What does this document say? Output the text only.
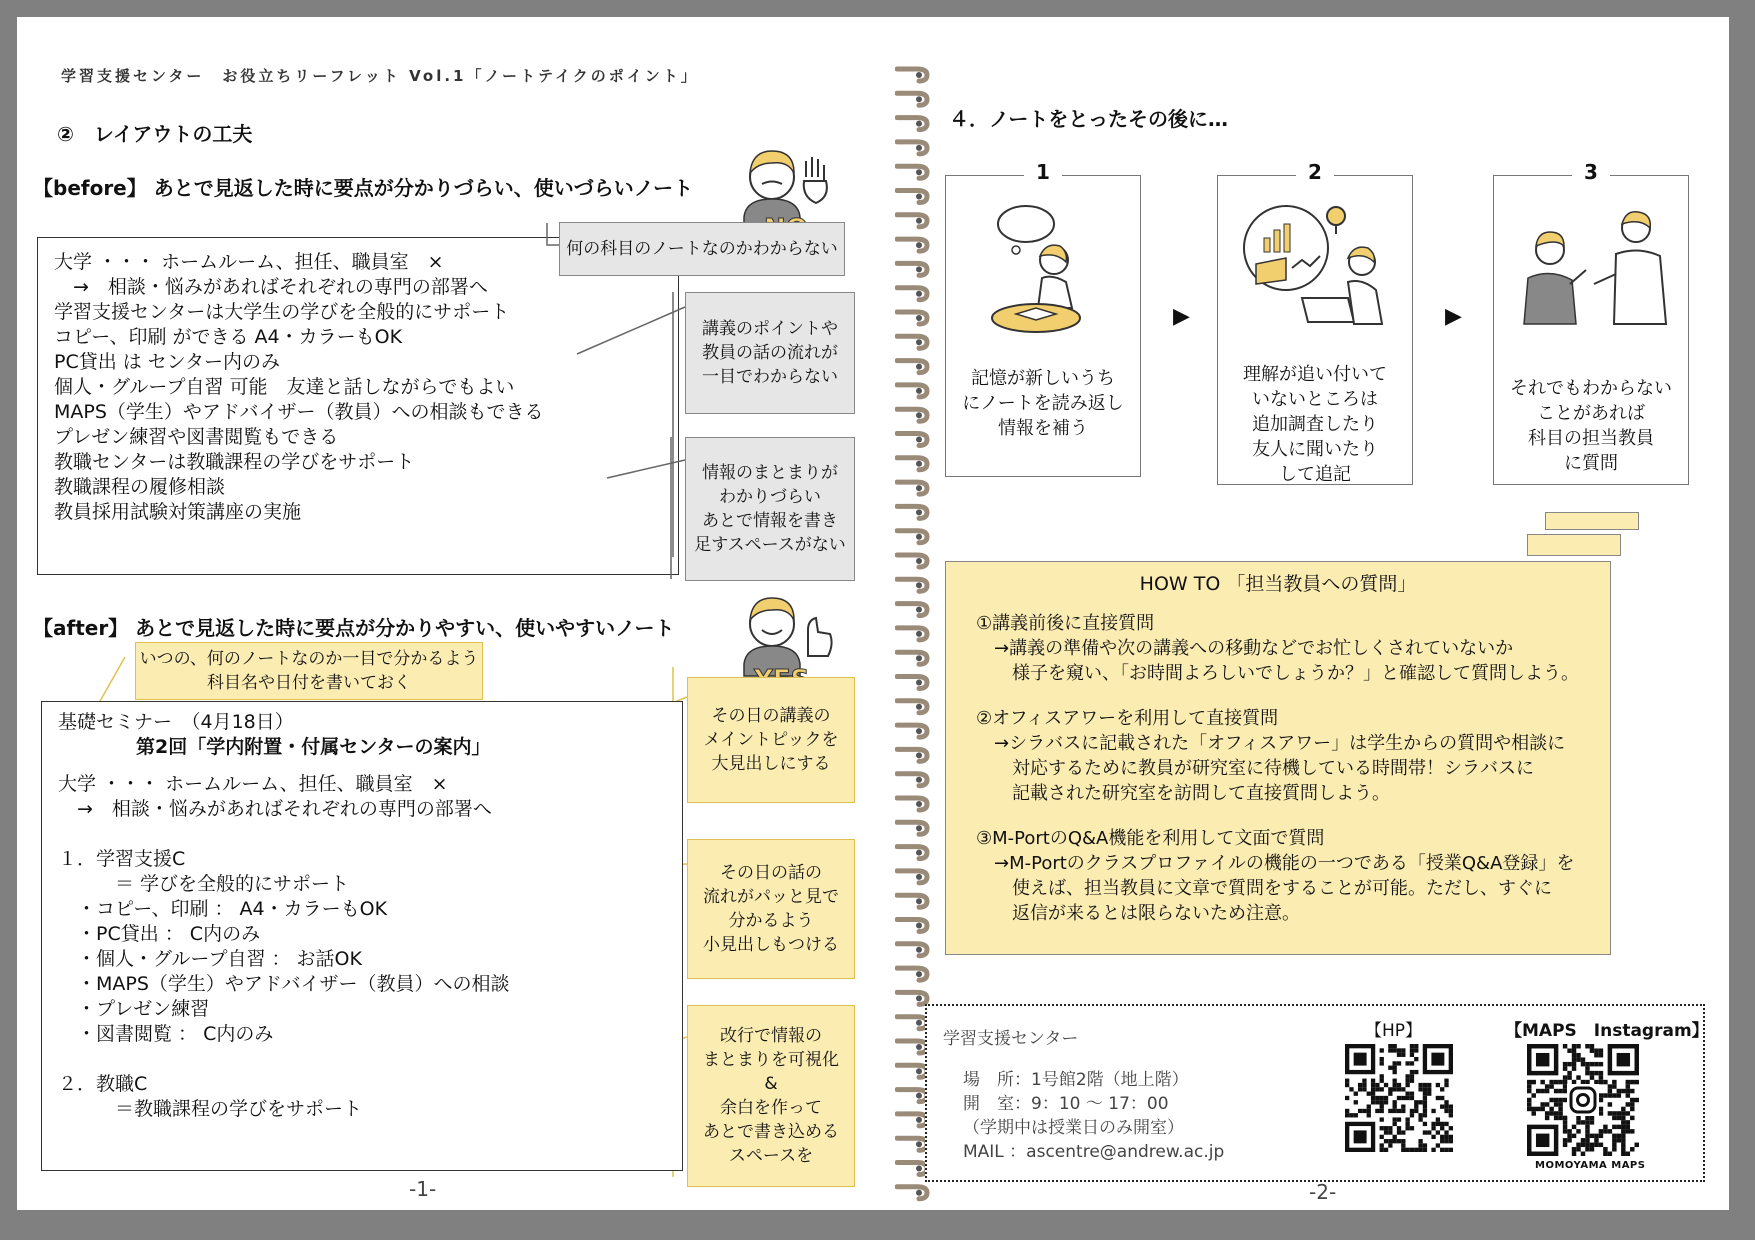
学習支援センター　お役立ちリーフレット Vol.1「ノートテイクのポイント」
②　レイアウトの工夫
【before】 あとで見返した時に要点が分かりづらい、使いづらいノート
大学 ・・・ ホームルーム、担任、職員室　×
　→　相談・悩みがあればそれぞれの専門の部署へ
学習支援センターは大学生の学びを全般的にサポート
コピー、印刷 ができる A4・カラーもOK
PC貸出 は センター内のみ
個人・グループ自習 可能　友達と話しながらでもよい
MAPS（学生）やアドバイザー（教員）への相談もできる
プレゼン練習や図書閲覧もできる
教職センターは教職課程の学びをサポート
教職課程の履修相談
教員採用試験対策講座の実施
何の科目のノートなのかわからない
講義のポイントや
教員の話の流れが
一目でわからない
情報のまとまりが
わかりづらい
あとで情報を書き
足すスペースがない
【after】 あとで見返した時に要点が分かりやすい、使いやすいノート
いつの、何のノートなのか一目で分かるよう
科目名や日付を書いておく
基礎セミナー　（4月18日）
第2回「学内附置・付属センターの案内」
大学 ・・・ ホームルーム、担任、職員室　×
　→　相談・悩みがあればそれぞれの専門の部署へ
１．学習支援C
　　　＝ 学びを全般的にサポート
　・コピー、印刷 ： A4・カラーもOK
　・PC貸出 ： C内のみ
　・個人・グループ自習 ： お話OK
　・MAPS（学生）やアドバイザー（教員）への相談
　・プレゼン練習
　・図書閲覧 ： C内のみ
２．教職C
　　　＝教職課程の学びをサポート
その日の講義の
メイントピックを
大見出しにする
その日の話の
流れがパッと見で
分かるよう
小見出しもつける
改行で情報の
まとまりを可視化
&
余白を作って
あとで書き込める
スペースを
-1-
４．ノートをとったその後に…
1
記憶が新しいうち
にノートを読み返し
情報を補う
▶
2
理解が追い付いて
いないところは
追加調査したり
友人に聞いたり
して追記
▶
3
それでもわからない
ことがあれば
科目の担当教員
に質問
HOW TO 「担当教員への質問」
①講義前後に直接質問
　→講義の準備や次の講義への移動などでお忙しくされていないか
　　様子を窺い、「お時間よろしいでしょうか？」と確認して質問しよう。
②オフィスアワーを利用して直接質問
　→シラバスに記載された「オフィスアワー」は学生からの質問や相談に
　　対応するために教員が研究室に待機している時間帯！シラバスに
　　記載された研究室を訪問して直接質問しよう。
③M-PortのQ&A機能を利用して文面で質問
　→M-Portのクラスプロファイルの機能の一つである「授業Q&A登録」を
　　使えば、担当教員に文章で質問をすることが可能。ただし、すぐに
　　返信が来るとは限らないため注意。
学習支援センター
場　所：1号館2階（地上階）
開　室：9：10 ～ 17：00
（学期中は授業日のみ開室）
MAIL ：ascentre@andrew.ac.jp
【HP】	【MAPS　Instagram】
MOMOYAMA MAPS
-2-
